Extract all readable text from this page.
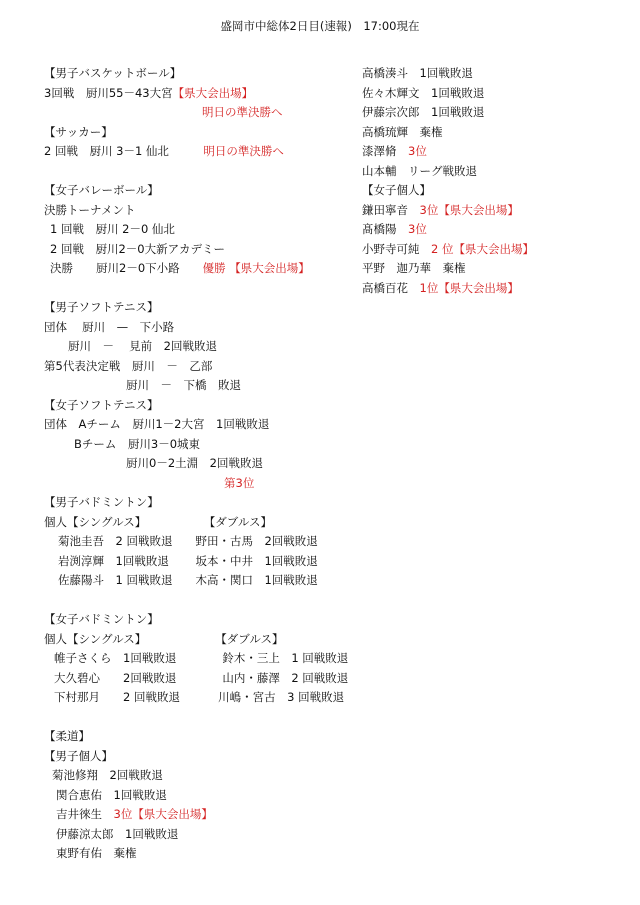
盛岡市中総体2日目(速報)　17:00現在
【男子バスケットボール】
3回戦　厨川55－43大宮【県大会出場】
明日の準決勝へ
【サッカー】
2 回戦　厨川 3－1 仙北　　　明日の準決勝へ
【女子バレーボール】
決勝トーナメント
1 回戦　厨川 2－0 仙北
2 回戦　厨川2－0大新アカデミー
決勝　　厨川2－0下小路　　優勝 【県大会出場】
【男子ソフトテニス】
団体　 厨川　—　下小路
厨川　－　 見前　2回戦敗退
第5代表決定戦　厨川　－　乙部
厨川　－　下橋　敗退
【女子ソフトテニス】
団体　Aチーム　厨川1－2大宮　1回戦敗退
Bチーム　厨川3－0城東
厨川0－2土淵　2回戦敗退
第3位
【男子バドミントン】
個人【シングルス】　　　　　　【ダブルス】
菊池圭吾　2 回戦敗退　　野田・古馬　2回戦敗退
岩渕淳輝　1回戦敗退　　 坂本・中井　1回戦敗退
佐藤陽斗　1 回戦敗退　　木高・関口　1回戦敗退
【女子バドミントン】
個人【シングルス】　　　　　　　【ダブルス】
帷子さくら　1回戦敗退　　　　鈴木・三上　1 回戦敗退
大久碧心　　2回戦敗退　　　　山内・藤澤　2 回戦敗退
下村那月　　2 回戦敗退　　　 川嶋・宮古　3 回戦敗退
【柔道】
【男子個人】
菊池修翔　2回戦敗退
関合恵佑　1回戦敗退
吉井徠生　3位【県大会出場】
伊藤涼太郎　1回戦敗退
東野有佑　棄権
高橋湊斗　1回戦敗退
佐々木輝文　1回戦敗退
伊藤宗次郎　1回戦敗退
高橋琉輝　棄権
漆澤脩　3位
山本輔　リーグ戦敗退
【女子個人】
鎌田寧音　3位【県大会出場】
髙橋陽　3位
小野寺可純　2 位【県大会出場】
平野　迦乃華　棄権
高橋百花　1位【県大会出場】
